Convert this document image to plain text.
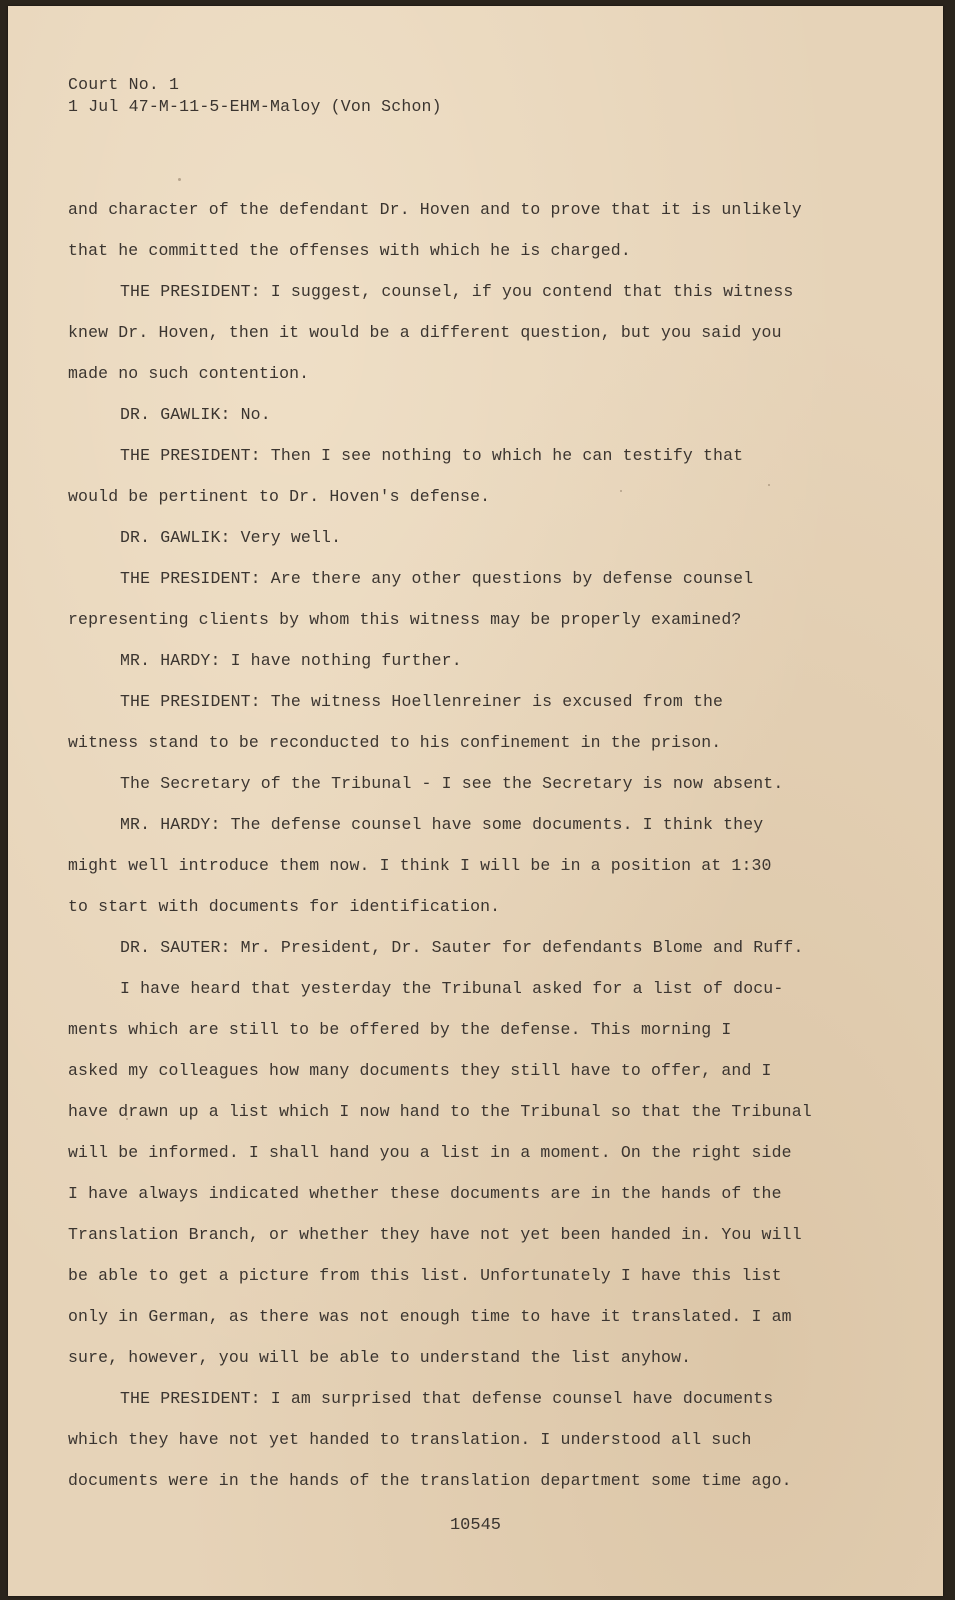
Court No. 1
1 Jul 47-M-11-5-EHM-Maloy (Von Schon)
and character of the defendant Dr. Hoven and to prove that it is unlikely
that he committed the offenses with which he is charged.
THE PRESIDENT: I suggest, counsel, if you contend that this witness
knew Dr. Hoven, then it would be a different question, but you said you
made no such contention.
DR. GAWLIK: No.
THE PRESIDENT: Then I see nothing to which he can testify that
would be pertinent to Dr. Hoven's defense.
DR. GAWLIK: Very well.
THE PRESIDENT: Are there any other questions by defense counsel
representing clients by whom this witness may be properly examined?
MR. HARDY: I have nothing further.
THE PRESIDENT: The witness Hoellenreiner is excused from the
witness stand to be reconducted to his confinement in the prison.
The Secretary of the Tribunal - I see the Secretary is now absent.
MR. HARDY: The defense counsel have some documents. I think they
might well introduce them now. I think I will be in a position at 1:30
to start with documents for identification.
DR. SAUTER: Mr. President, Dr. Sauter for defendants Blome and Ruff.
I have heard that yesterday the Tribunal asked for a list of docu-
ments which are still to be offered by the defense. This morning I
asked my colleagues how many documents they still have to offer, and I
have drawn up a list which I now hand to the Tribunal so that the Tribunal
will be informed. I shall hand you a list in a moment. On the right side
I have always indicated whether these documents are in the hands of the
Translation Branch, or whether they have not yet been handed in. You will
be able to get a picture from this list. Unfortunately I have this list
only in German, as there was not enough time to have it translated. I am
sure, however, you will be able to understand the list anyhow.
THE PRESIDENT: I am surprised that defense counsel have documents
which they have not yet handed to translation. I understood all such
documents were in the hands of the translation department some time ago.
10545
